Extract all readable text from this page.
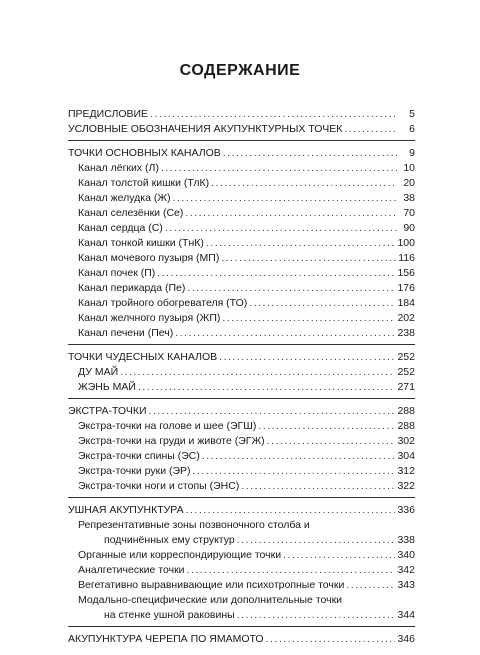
СОДЕРЖАНИЕ
ПРЕДИСЛОВИЕ .....	5
УСЛОВНЫЕ ОБОЗНАЧЕНИЯ АКУПУНКТУРНЫХ ТОЧЕК .....	6
ТОЧКИ ОСНОВНЫХ КАНАЛОВ .....	9
Канал лёгких (Л) .....	10
Канал толстой кишки (ТлК) .....	20
Канал желудка (Ж) .....	38
Канал селезёнки (Се) .....	70
Канал сердца (С) .....	90
Канал тонкой кишки (ТнК) .....	100
Канал мочевого пузыря (МП) .....	116
Канал почек (П) .....	156
Канал перикарда (Пе) .....	176
Канал тройного обогревателя (ТО) .....	184
Канал желчного пузыря (ЖП) .....	202
Канал печени (Печ) .....	238
ТОЧКИ ЧУДЕСНЫХ КАНАЛОВ .....	252
ДУ МАЙ .....	252
ЖЭНЬ МАЙ .....	271
ЭКСТРА-ТОЧКИ .....	288
Экстра-точки на голове и шее (ЭГШ) .....	288
Экстра-точки на груди и животе (ЭГЖ) .....	302
Экстра-точки спины (ЭС) .....	304
Экстра-точки руки (ЭР) .....	312
Экстра-точки ноги и стопы (ЭНС) .....	322
УШНАЯ АКУПУНКТУРА .....	336
Репрезентативные зоны позвоночного столба и
подчинённых ему структур .....	338
Органные или корреспондирующие точки .....	340
Аналгетические точки .....	342
Вегетативно выравнивающие или психотропные точки .....	343
Модально-специфические или дополнительные точки
на стенке ушной раковины .....	344
АКУПУНКТУРА ЧЕРЕПА ПО ЯМАМОТО .....	346
